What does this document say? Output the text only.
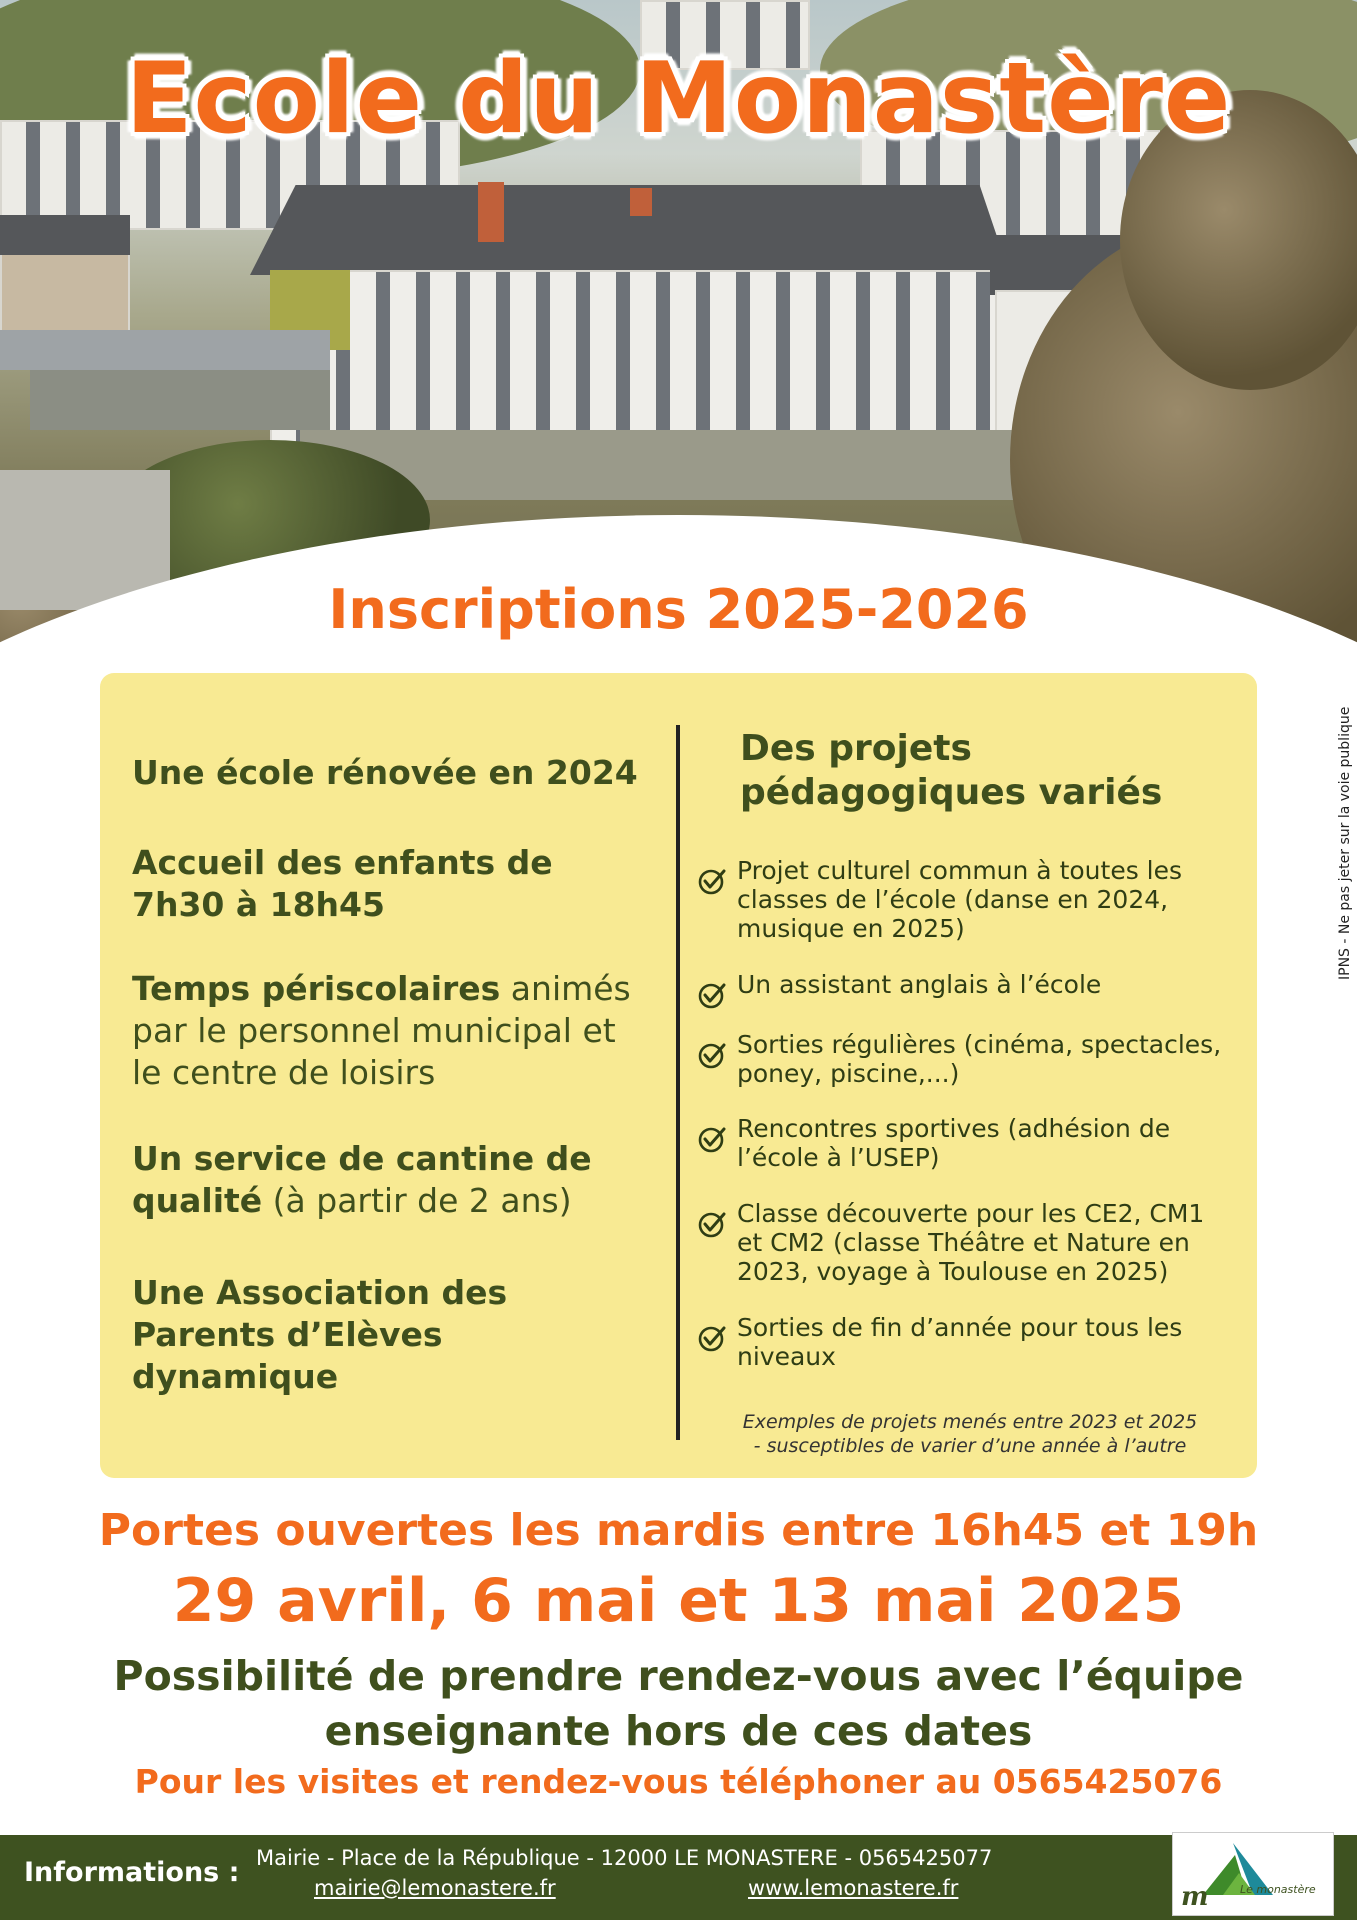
Ecole du Monastère
Inscriptions 2025-2026
Une école rénovée en 2024
Accueil des enfants de
7h30 à 18h45
Temps périscolaires animés
par le personnel municipal et
le centre de loisirs
Un service de cantine de
qualité (à partir de 2 ans)
Une Association des
Parents d’Elèves
dynamique
Des projets
pédagogiques variés
Projet culturel commun à toutes les classes de l’école (danse en 2024, musique en 2025)
Un assistant anglais à l’école
Sorties régulières (cinéma, spectacles, poney, piscine,...)
Rencontres sportives (adhésion de l’école à l’USEP)
Classe découverte pour les CE2, CM1 et CM2 (classe Théâtre et Nature en 2023, voyage à Toulouse en 2025)
Sorties de fin d’année pour tous les niveaux
Exemples de projets menés entre 2023 et 2025
- susceptibles de varier d’une année à l’autre
Portes ouvertes les mardis entre 16h45 et 19h
29 avril, 6 mai et 13 mai 2025
Possibilité de prendre rendez-vous avec l’équipe
enseignante hors de ces dates
Pour les visites et rendez-vous téléphoner au 0565425076
IPNS - Ne pas jeter sur la voie publique
Informations : Mairie - Place de la République - 12000 LE MONASTERE - 0565425077
mairie@lemonastere.fr	www.lemonastere.fr	m	Le monastère
